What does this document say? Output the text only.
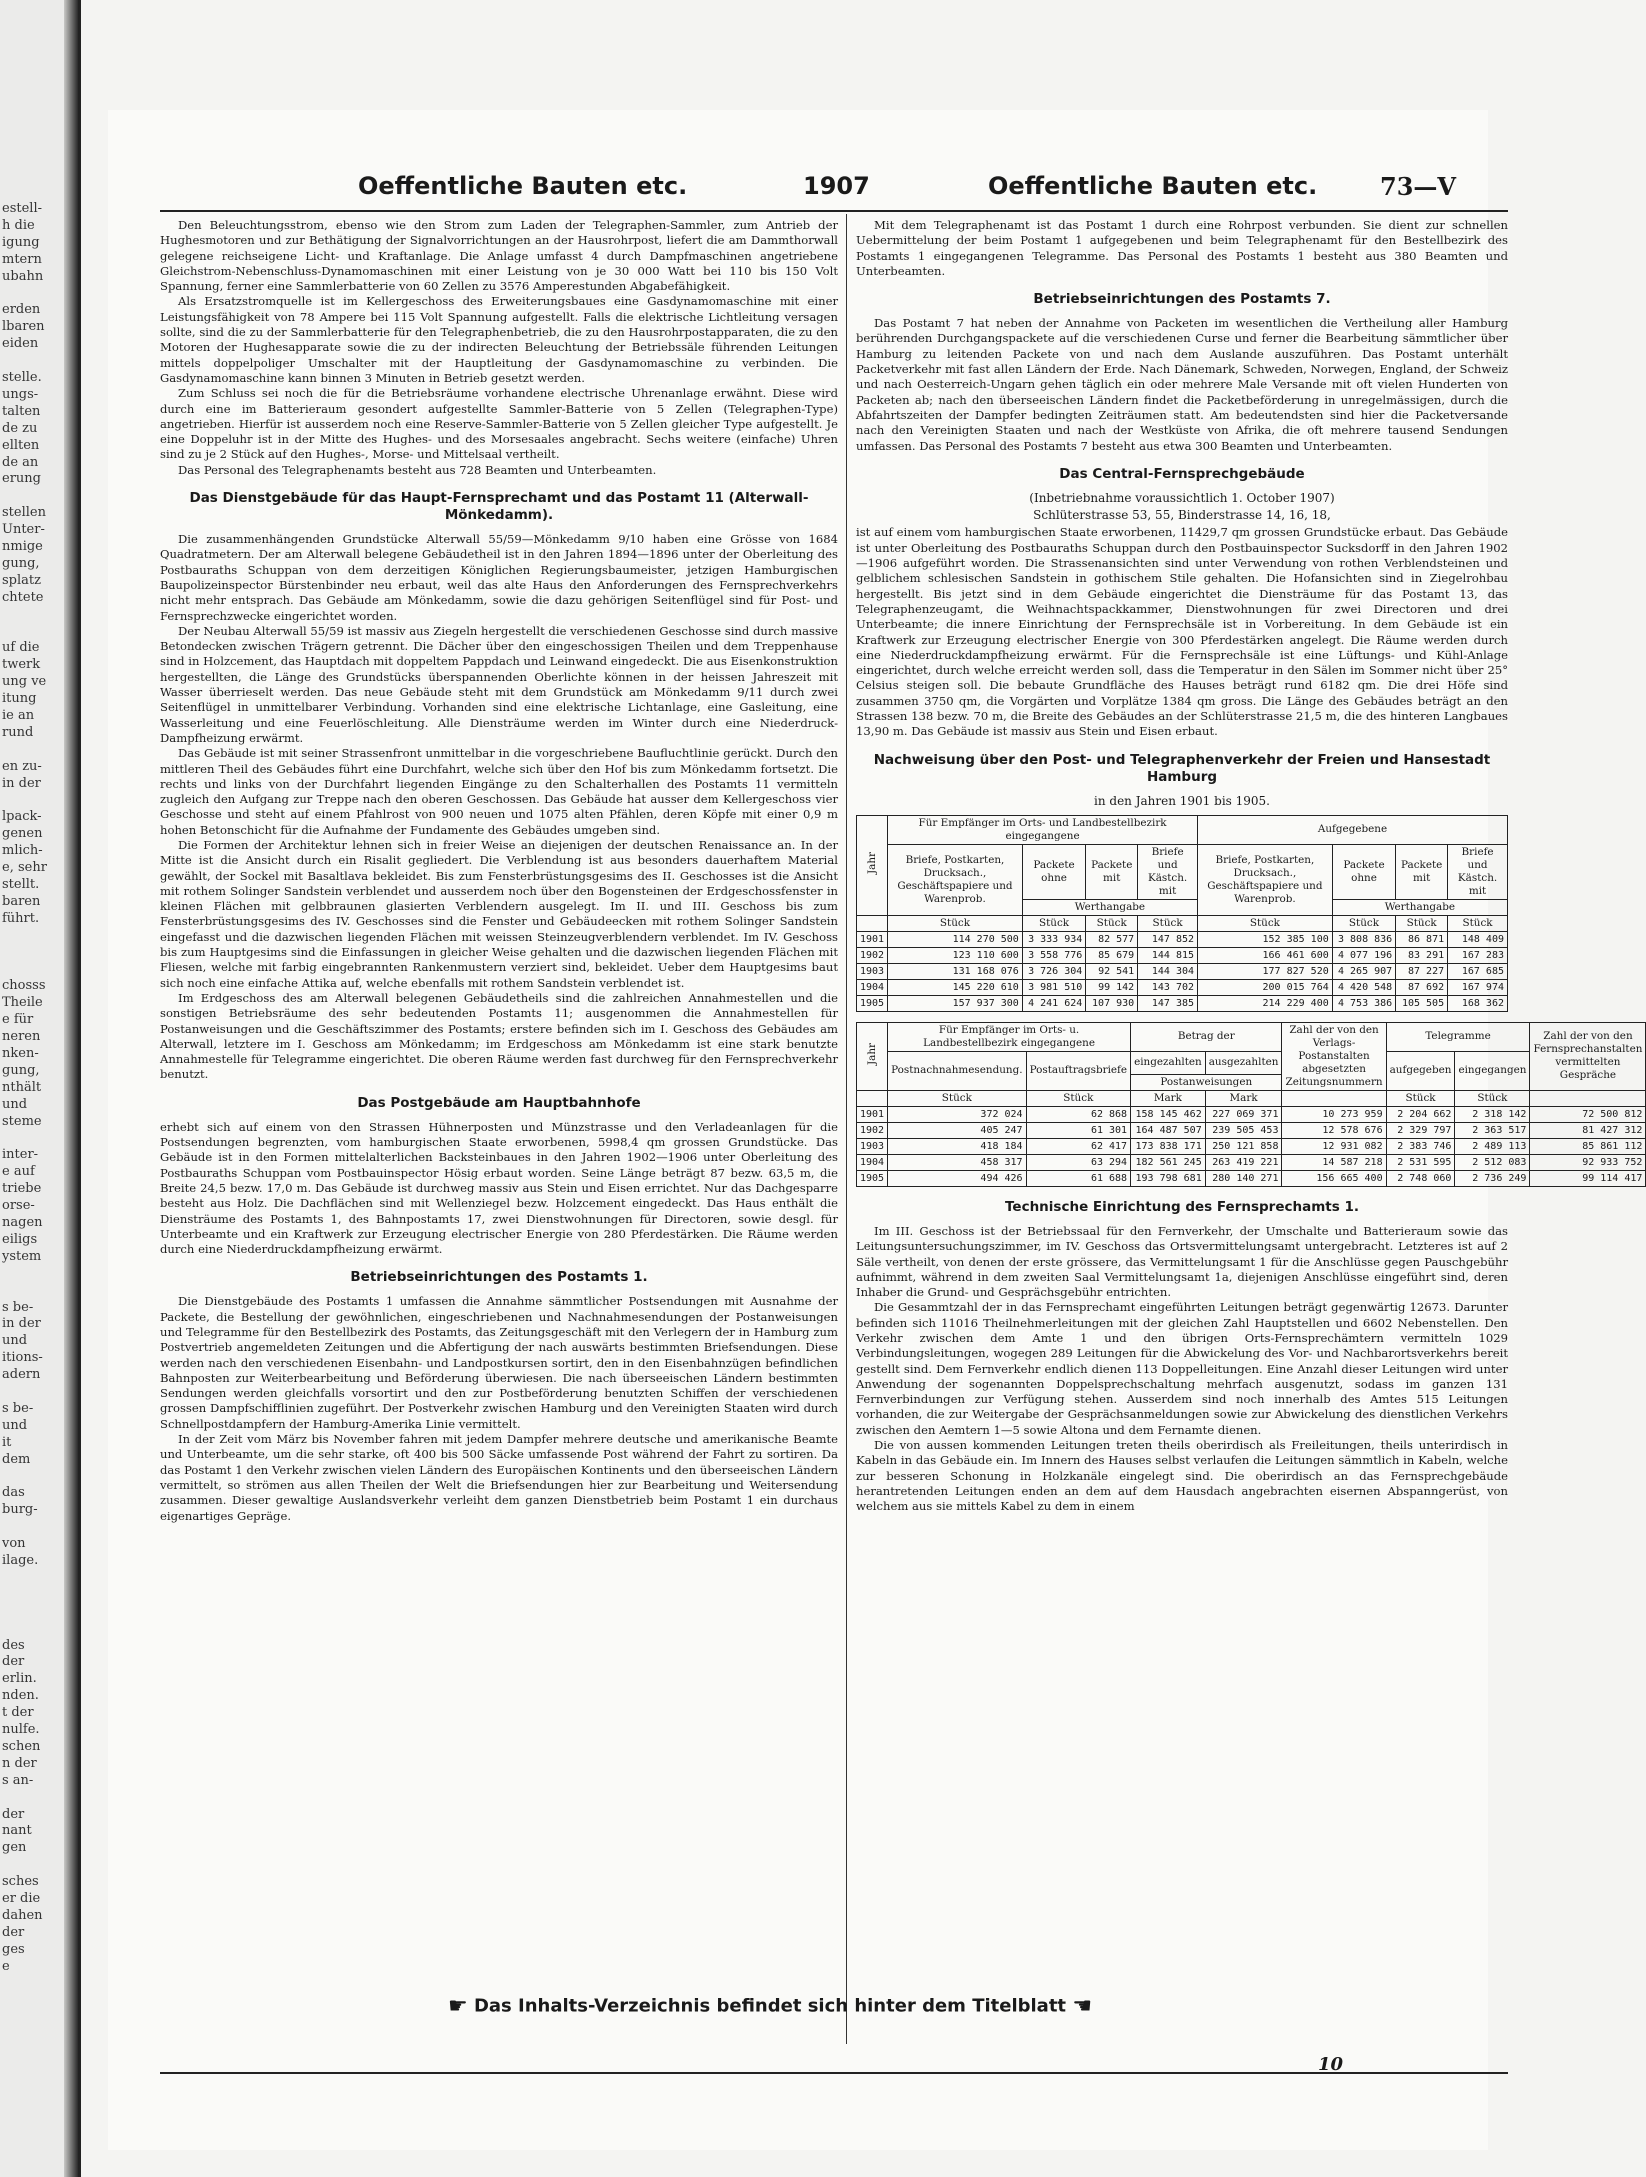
estell-
h die
igung
mtern
ubahn
erden
lbaren
eiden
stelle.
ungs-
talten
de zu
ellten
de an
erung
stellen
Unter-
nmige
gung,
splatz
chtete
uf die
twerk
ung ve
itung
ie an
rund
en zu-
in der
lpack-
genen
mlich-
e, sehr
stellt.
baren
führt.
chosss
Theile
e für
neren
nken-
gung,
nthält
und
steme
inter-
e auf
triebe
orse-
nagen
eiligs
ystem
s be-
in der
und
itions-
adern
s be-
und
it
dem
das
burg-
von
ilage.
des
der
erlin.
nden.
t der
nulfe.
schen
n der
s an-
der
nant
gen
sches
er die
dahen
der
ges
e
Oeffentliche Bauten etc.	1907	Oeffentliche Bauten etc.	73—V

Den Beleuchtungsstrom, ebenso wie den Strom zum Laden der Telegraphen-Sammler, zum Antrieb der Hughesmotoren und zur Bethätigung der Signalvorrichtungen an der Hausrohrpost, liefert die am Dammthorwall gelegene reichseigene Licht- und Kraftanlage. Die Anlage umfasst 4 durch Dampfmaschinen angetriebene Gleichstrom-Nebenschluss-Dynamomaschinen mit einer Leistung von je 30 000 Watt bei 110 bis 150 Volt Spannung, ferner eine Sammlerbatterie von 60 Zellen zu 3576 Amperestunden Abgabefähigkeit.

Als Ersatzstromquelle ist im Kellergeschoss des Erweiterungsbaues eine Gasdynamomaschine mit einer Leistungsfähigkeit von 78 Ampere bei 115 Volt Spannung aufgestellt. Falls die elektrische Lichtleitung versagen sollte, sind die zu der Sammlerbatterie für den Telegraphenbetrieb, die zu den Hausrohrpostapparaten, die zu den Motoren der Hughesapparate sowie die zu der indirecten Beleuchtung der Betriebssäle führenden Leitungen mittels doppelpoliger Umschalter mit der Hauptleitung der Gasdynamomaschine zu verbinden. Die Gasdynamomaschine kann binnen 3 Minuten in Betrieb gesetzt werden.

Zum Schluss sei noch die für die Betriebsräume vorhandene electrische Uhrenanlage erwähnt. Diese wird durch eine im Batterieraum gesondert aufgestellte Sammler-Batterie von 5 Zellen (Telegraphen-Type) angetrieben. Hierfür ist ausserdem noch eine Reserve-Sammler-Batterie von 5 Zellen gleicher Type aufgestellt. Je eine Doppeluhr ist in der Mitte des Hughes- und des Morsesaales angebracht. Sechs weitere (einfache) Uhren sind zu je 2 Stück auf den Hughes-, Morse- und Mittelsaal vertheilt.

Das Personal des Telegraphenamts besteht aus 728 Beamten und Unterbeamten.

Das Dienstgebäude für das Haupt-Fernsprechamt und das Postamt 11 (Alterwall-Mönkedamm).

Die zusammenhängenden Grundstücke Alterwall 55/59—Mönkedamm 9/10 haben eine Grösse von 1684 Quadratmetern. Der am Alterwall belegene Gebäudetheil ist in den Jahren 1894—1896 unter der Oberleitung des Postbauraths Schuppan von dem derzeitigen Königlichen Regierungsbaumeister, jetzigen Hamburgischen Baupolizeinspector Bürstenbinder neu erbaut, weil das alte Haus den Anforderungen des Fernsprechverkehrs nicht mehr entsprach. Das Gebäude am Mönkedamm, sowie die dazu gehörigen Seitenflügel sind für Post- und Fernsprechzwecke eingerichtet worden.

Der Neubau Alterwall 55/59 ist massiv aus Ziegeln hergestellt die verschiedenen Geschosse sind durch massive Betondecken zwischen Trägern getrennt. Die Dächer über den eingeschossigen Theilen und dem Treppenhause sind in Holzcement, das Hauptdach mit doppeltem Pappdach und Leinwand eingedeckt. Die aus Eisenkonstruktion hergestellten, die Länge des Grundstücks überspannenden Oberlichte können in der heissen Jahreszeit mit Wasser überrieselt werden. Das neue Gebäude steht mit dem Grundstück am Mönkedamm 9/11 durch zwei Seitenflügel in unmittelbarer Verbindung. Vorhanden sind eine elektrische Lichtanlage, eine Gasleitung, eine Wasserleitung und eine Feuerlöschleitung. Alle Diensträume werden im Winter durch eine Niederdruck-Dampfheizung erwärmt.

Das Gebäude ist mit seiner Strassenfront unmittelbar in die vorgeschriebene Baufluchtlinie gerückt. Durch den mittleren Theil des Gebäudes führt eine Durchfahrt, welche sich über den Hof bis zum Mönkedamm fortsetzt. Die rechts und links von der Durchfahrt liegenden Eingänge zu den Schalterhallen des Postamts 11 vermitteln zugleich den Aufgang zur Treppe nach den oberen Geschossen. Das Gebäude hat ausser dem Kellergeschoss vier Geschosse und steht auf einem Pfahlrost von 900 neuen und 1075 alten Pfählen, deren Köpfe mit einer 0,9 m hohen Betonschicht für die Aufnahme der Fundamente des Gebäudes umgeben sind.

Die Formen der Architektur lehnen sich in freier Weise an diejenigen der deutschen Renaissance an. In der Mitte ist die Ansicht durch ein Risalit gegliedert. Die Verblendung ist aus besonders dauerhaftem Material gewählt, der Sockel mit Basaltlava bekleidet. Bis zum Fensterbrüstungsgesims des II. Geschosses ist die Ansicht mit rothem Solinger Sandstein verblendet und ausserdem noch über den Bogensteinen der Erdgeschossfenster in kleinen Flächen mit gelbbraunen glasierten Verblendern ausgelegt. Im II. und III. Geschoss bis zum Fensterbrüstungsgesims des IV. Geschosses sind die Fenster und Gebäudeecken mit rothem Solinger Sandstein eingefasst und die dazwischen liegenden Flächen mit weissen Steinzeugverblendern verblendet. Im IV. Geschoss bis zum Hauptgesims sind die Einfassungen in gleicher Weise gehalten und die dazwischen liegenden Flächen mit Fliesen, welche mit farbig eingebrannten Rankenmustern verziert sind, bekleidet. Ueber dem Hauptgesims baut sich noch eine einfache Attika auf, welche ebenfalls mit rothem Sandstein verblendet ist.

Im Erdgeschoss des am Alterwall belegenen Gebäudetheils sind die zahlreichen Annahmestellen und die sonstigen Betriebsräume des sehr bedeutenden Postamts 11; ausgenommen die Annahmestellen für Postanweisungen und die Geschäftszimmer des Postamts; erstere befinden sich im I. Geschoss des Gebäudes am Alterwall, letztere im I. Geschoss am Mönkedamm; im Erdgeschoss am Mönkedamm ist eine stark benutzte Annahmestelle für Telegramme eingerichtet. Die oberen Räume werden fast durchweg für den Fernsprechverkehr benutzt.

Das Postgebäude am Hauptbahnhofe

erhebt sich auf einem von den Strassen Hühnerposten und Münzstrasse und den Verladeanlagen für die Postsendungen begrenzten, vom hamburgischen Staate erworbenen, 5998,4 qm grossen Grundstücke. Das Gebäude ist in den Formen mittelalterlichen Backsteinbaues in den Jahren 1902—1906 unter Oberleitung des Postbauraths Schuppan vom Postbauinspector Hösig erbaut worden. Seine Länge beträgt 87 bezw. 63,5 m, die Breite 24,5 bezw. 17,0 m. Das Gebäude ist durchweg massiv aus Stein und Eisen errichtet. Nur das Dachgesparre besteht aus Holz. Die Dachflächen sind mit Wellenziegel bezw. Holzcement eingedeckt. Das Haus enthält die Diensträume des Postamts 1, des Bahnpostamts 17, zwei Dienstwohnungen für Directoren, sowie desgl. für Unterbeamte und ein Kraftwerk zur Erzeugung electrischer Energie von 280 Pferdestärken. Die Räume werden durch eine Niederdruckdampfheizung erwärmt.

Betriebseinrichtungen des Postamts 1.

Die Dienstgebäude des Postamts 1 umfassen die Annahme sämmtlicher Postsendungen mit Ausnahme der Packete, die Bestellung der gewöhnlichen, eingeschriebenen und Nachnahmesendungen der Postanweisungen und Telegramme für den Bestellbezirk des Postamts, das Zeitungsgeschäft mit den Verlegern der in Hamburg zum Postvertrieb angemeldeten Zeitungen und die Abfertigung der nach auswärts bestimmten Briefsendungen. Diese werden nach den verschiedenen Eisenbahn- und Landpostkursen sortirt, den in den Eisenbahnzügen befindlichen Bahnposten zur Weiterbearbeitung und Beförderung überwiesen. Die nach überseeischen Ländern bestimmten Sendungen werden gleichfalls vorsortirt und den zur Postbeförderung benutzten Schiffen der verschiedenen grossen Dampfschifflinien zugeführt. Der Postverkehr zwischen Hamburg und den Vereinigten Staaten wird durch Schnellpostdampfern der Hamburg-Amerika Linie vermittelt.

In der Zeit vom März bis November fahren mit jedem Dampfer mehrere deutsche und amerikanische Beamte und Unterbeamte, um die sehr starke, oft 400 bis 500 Säcke umfassende Post während der Fahrt zu sortiren. Da das Postamt 1 den Verkehr zwischen vielen Ländern des Europäischen Kontinents und den überseeischen Ländern vermittelt, so strömen aus allen Theilen der Welt die Briefsendungen hier zur Bearbeitung und Weitersendung zusammen. Dieser gewaltige Auslandsverkehr verleiht dem ganzen Dienstbetrieb beim Postamt 1 ein durchaus eigenartiges Gepräge.

Mit dem Telegraphenamt ist das Postamt 1 durch eine Rohrpost verbunden. Sie dient zur schnellen Uebermittelung der beim Postamt 1 aufgegebenen und beim Telegraphenamt für den Bestellbezirk des Postamts 1 eingegangenen Telegramme. Das Personal des Postamts 1 besteht aus 380 Beamten und Unterbeamten.

Betriebseinrichtungen des Postamts 7.

Das Postamt 7 hat neben der Annahme von Packeten im wesentlichen die Vertheilung aller Hamburg berührenden Durchgangspackete auf die verschiedenen Curse und ferner die Bearbeitung sämmtlicher über Hamburg zu leitenden Packete von und nach dem Auslande auszuführen. Das Postamt unterhält Packetverkehr mit fast allen Ländern der Erde. Nach Dänemark, Schweden, Norwegen, England, der Schweiz und nach Oesterreich-Ungarn gehen täglich ein oder mehrere Male Versande mit oft vielen Hunderten von Packeten ab; nach den überseeischen Ländern findet die Packetbeförderung in unregelmässigen, durch die Abfahrtszeiten der Dampfer bedingten Zeiträumen statt. Am bedeutendsten sind hier die Packetversande nach den Vereinigten Staaten und nach der Westküste von Afrika, die oft mehrere tausend Sendungen umfassen. Das Personal des Postamts 7 besteht aus etwa 300 Beamten und Unterbeamten.

Das Central-Fernsprechgebäude
(Inbetriebnahme voraussichtlich 1. October 1907)
Schlüterstrasse 53, 55, Binderstrasse 14, 16, 18,

ist auf einem vom hamburgischen Staate erworbenen, 11429,7 qm grossen Grundstücke erbaut. Das Gebäude ist unter Oberleitung des Postbauraths Schuppan durch den Postbauinspector Sucksdorff in den Jahren 1902—1906 aufgeführt worden. Die Strassenansichten sind unter Verwendung von rothen Verblendsteinen und gelblichem schlesischen Sandstein in gothischem Stile gehalten. Die Hofansichten sind in Ziegelrohbau hergestellt. Bis jetzt sind in dem Gebäude eingerichtet die Diensträume für das Postamt 13, das Telegraphenzeugamt, die Weihnachtspackkammer, Dienstwohnungen für zwei Directoren und drei Unterbeamte; die innere Einrichtung der Fernsprechsäle ist in Vorbereitung. In dem Gebäude ist ein Kraftwerk zur Erzeugung electrischer Energie von 300 Pferdestärken angelegt. Die Räume werden durch eine Niederdruckdampfheizung erwärmt. Für die Fernsprechsäle ist eine Lüftungs- und Kühl-Anlage eingerichtet, durch welche erreicht werden soll, dass die Temperatur in den Sälen im Sommer nicht über 25° Celsius steigen soll. Die bebaute Grundfläche des Hauses beträgt rund 6182 qm. Die drei Höfe sind zusammen 3750 qm, die Vorgärten und Vorplätze 1384 qm gross. Die Länge des Gebäudes beträgt an den Strassen 138 bezw. 70 m, die Breite des Gebäudes an der Schlüterstrasse 21,5 m, die des hinteren Langbaues 13,90 m. Das Gebäude ist massiv aus Stein und Eisen erbaut.

Nachweisung über den Post- und Telegraphenverkehr der Freien und Hansestadt Hamburg
in den Jahren 1901 bis 1905.
Jahr	Für Empfänger im Orts- und Landbestellbezirk eingegangene				Aufgegebene			
	Briefe, Postkarten, Drucksach., Geschäftspapiere und Warenprob.	Packete ohne	Packete mit	Briefe und Kästch. mit	Briefe, Postkarten, Drucksach., Geschäftspapiere und Warenprob.	Packete ohne	Packete mit	Briefe und Kästch. mit
		Werthangabe				Werthangabe		
	Stück	Stück	Stück	Stück	Stück	Stück	Stück	Stück
1901	114 270 500	3 333 934	82 577	147 852	152 385 100	3 808 836	86 871	148 409
1902	123 110 600	3 558 776	85 679	144 815	166 461 600	4 077 196	83 291	167 283
1903	131 168 076	3 726 304	92 541	144 304	177 827 520	4 265 907	87 227	167 685
1904	145 220 610	3 981 510	99 142	143 702	200 015 764	4 420 548	87 692	167 974
1905	157 937 300	4 241 624	107 930	147 385	214 229 400	4 753 386	105 505	168 362
Jahr	Für Empfänger im Orts- u. Landbestellbezirk eingegangene		Betrag der		Zahl der von den Verlags-Postanstalten abgesetzten Zeitungsnummern	Telegramme		Zahl der von den Fernsprechanstalten vermittelten Gespräche
	Postnachnahmesendung.	Postauftragsbriefe	eingezahlten	ausgezahlten		aufgegeben	eingegangen	
			Postanweisungen					
	Stück	Stück	Mark	Mark		Stück	Stück	
1901	372 024	62 868	158 145 462	227 069 371	10 273 959	2 204 662	2 318 142	72 500 812
1902	405 247	61 301	164 487 507	239 505 453	12 578 676	2 329 797	2 363 517	81 427 312
1903	418 184	62 417	173 838 171	250 121 858	12 931 082	2 383 746	2 489 113	85 861 112
1904	458 317	63 294	182 561 245	263 419 221	14 587 218	2 531 595	2 512 083	92 933 752
1905	494 426	61 688	193 798 681	280 140 271	156 665 400	2 748 060	2 736 249	99 114 417
Technische Einrichtung des Fernsprechamts 1.

Im III. Geschoss ist der Betriebssaal für den Fernverkehr, der Umschalte und Batterieraum sowie das Leitungsuntersuchungszimmer, im IV. Geschoss das Ortsvermittelungsamt untergebracht. Letzteres ist auf 2 Säle vertheilt, von denen der erste grössere, das Vermittelungsamt 1 für die Anschlüsse gegen Pauschgebühr aufnimmt, während in dem zweiten Saal Vermittelungsamt 1a, diejenigen Anschlüsse eingeführt sind, deren Inhaber die Grund- und Gesprächsgebühr entrichten.

Die Gesammtzahl der in das Fernsprechamt eingeführten Leitungen beträgt gegenwärtig 12673. Darunter befinden sich 11016 Theilnehmerleitungen mit der gleichen Zahl Hauptstellen und 6602 Nebenstellen. Den Verkehr zwischen dem Amte 1 und den übrigen Orts-Fernsprechämtern vermitteln 1029 Verbindungsleitungen, wogegen 289 Leitungen für die Abwickelung des Vor- und Nachbarortsverkehrs bereit gestellt sind. Dem Fernverkehr endlich dienen 113 Doppelleitungen. Eine Anzahl dieser Leitungen wird unter Anwendung der sogenannten Doppelsprechschaltung mehrfach ausgenutzt, sodass im ganzen 131 Fernverbindungen zur Verfügung stehen. Ausserdem sind noch innerhalb des Amtes 515 Leitungen vorhanden, die zur Weitergabe der Gesprächsanmeldungen sowie zur Abwickelung des dienstlichen Verkehrs zwischen den Aemtern 1—5 sowie Altona und dem Fernamte dienen.

Die von aussen kommenden Leitungen treten theils oberirdisch als Freileitungen, theils unterirdisch in Kabeln in das Gebäude ein. Im Innern des Hauses selbst verlaufen die Leitungen sämmtlich in Kabeln, welche zur besseren Schonung in Holzkanäle eingelegt sind. Die oberirdisch an das Fernsprechgebäude herantretenden Leitungen enden an dem auf dem Hausdach angebrachten eisernen Abspanngerüst, von welchem aus sie mittels Kabel zu dem in einem

☛ Das Inhalts-Verzeichnis befindet sich hinter dem Titelblatt ☚
10
